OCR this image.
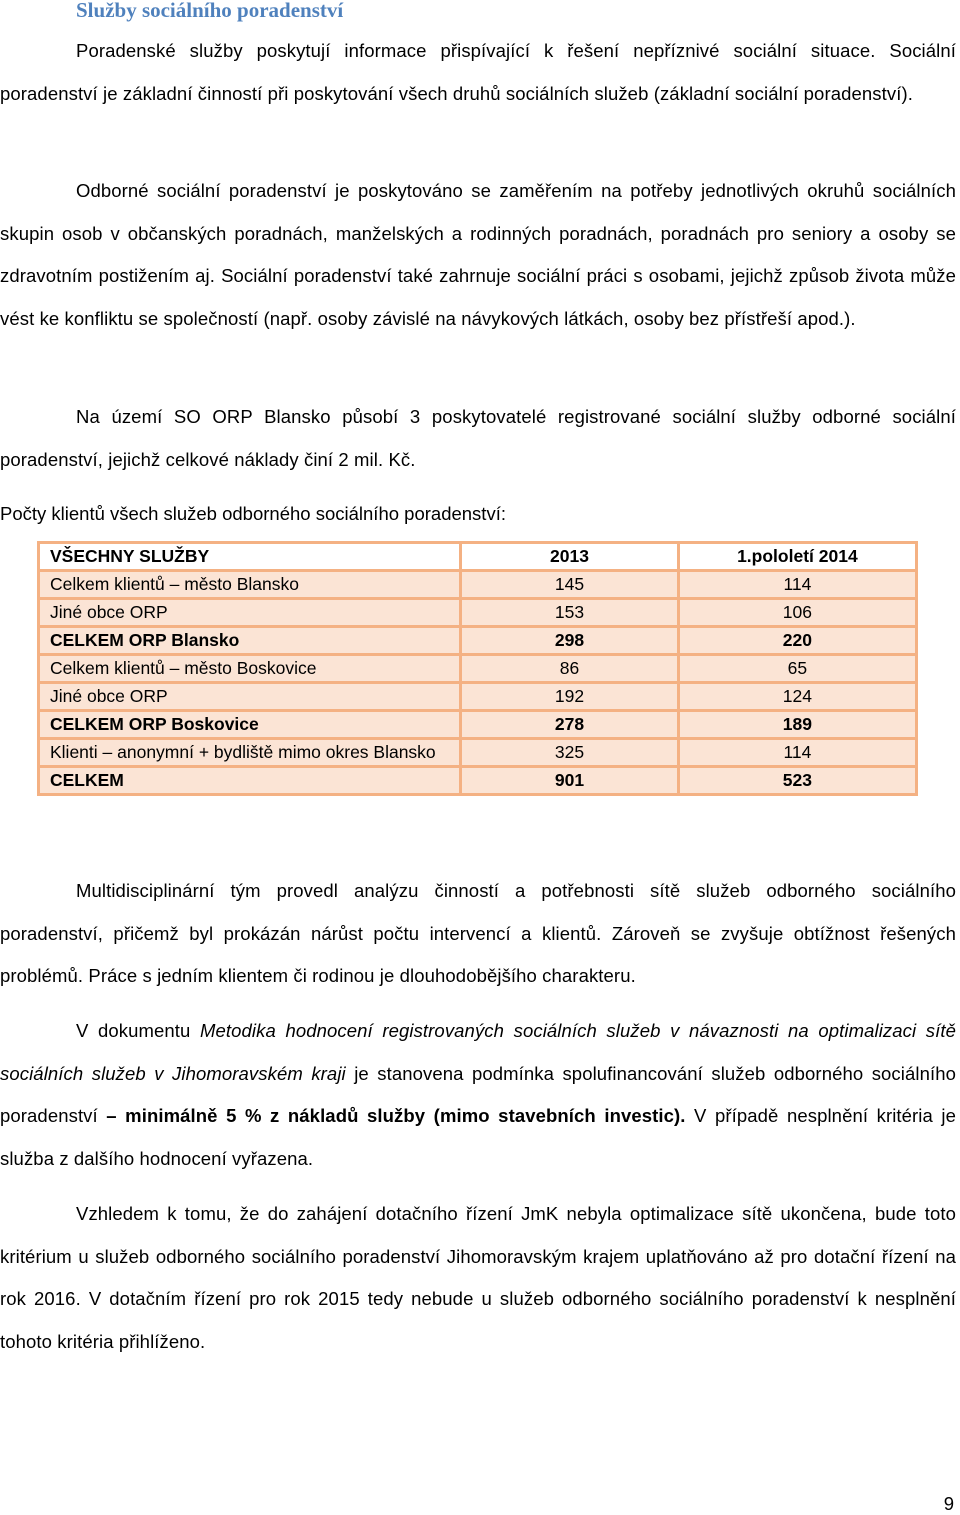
Služby sociálního poradenství

Poradenské služby poskytují informace přispívající k řešení nepříznivé sociální situace. Sociální poradenství je základní činností při poskytování všech druhů sociálních služeb (základní sociální poradenství).

Odborné sociální poradenství je poskytováno se zaměřením na potřeby jednotlivých okruhů sociálních skupin osob v občanských poradnách, manželských a rodinných poradnách, poradnách pro seniory a osoby se zdravotním postižením aj. Sociální poradenství také zahrnuje sociální práci s osobami, jejichž způsob života může vést ke konfliktu se společností (např. osoby závislé na návykových látkách, osoby bez přístřeší apod.).

Na území SO ORP Blansko působí 3 poskytovatelé registrované sociální služby odborné sociální poradenství, jejichž celkové náklady činí 2 mil. Kč.

Počty klientů všech služeb odborného sociálního poradenství:

VŠECHNY SLUŽBY	2013	1.pololetí 2014
Celkem klientů – město Blansko	145	114
Jiné obce ORP	153	106
CELKEM ORP Blansko	298	220
Celkem klientů – město Boskovice	86	65
Jiné obce ORP	192	124
CELKEM ORP Boskovice	278	189
Klienti – anonymní + bydliště mimo okres Blansko	325	114
CELKEM	901	523

Multidisciplinární tým provedl analýzu činností a potřebnosti sítě služeb odborného sociálního poradenství, přičemž byl prokázán nárůst počtu intervencí a klientů. Zároveň se zvyšuje obtížnost řešených problémů. Práce s jedním klientem či rodinou je dlouhodobějšího charakteru.

V dokumentu Metodika hodnocení registrovaných sociálních služeb v návaznosti na optimalizaci sítě sociálních služeb v Jihomoravském kraji je stanovena podmínka spolufinancování služeb odborného sociálního poradenství – minimálně 5 % z nákladů služby (mimo stavebních investic). V případě nesplnění kritéria je služba z dalšího hodnocení vyřazena.

Vzhledem k tomu, že do zahájení dotačního řízení JmK nebyla optimalizace sítě ukončena, bude toto kritérium u služeb odborného sociálního poradenství Jihomoravským krajem uplatňováno až pro dotační řízení na rok 2016. V dotačním řízení pro rok 2015 tedy nebude u služeb odborného sociálního poradenství k nesplnění tohoto kritéria přihlíženo.

9
